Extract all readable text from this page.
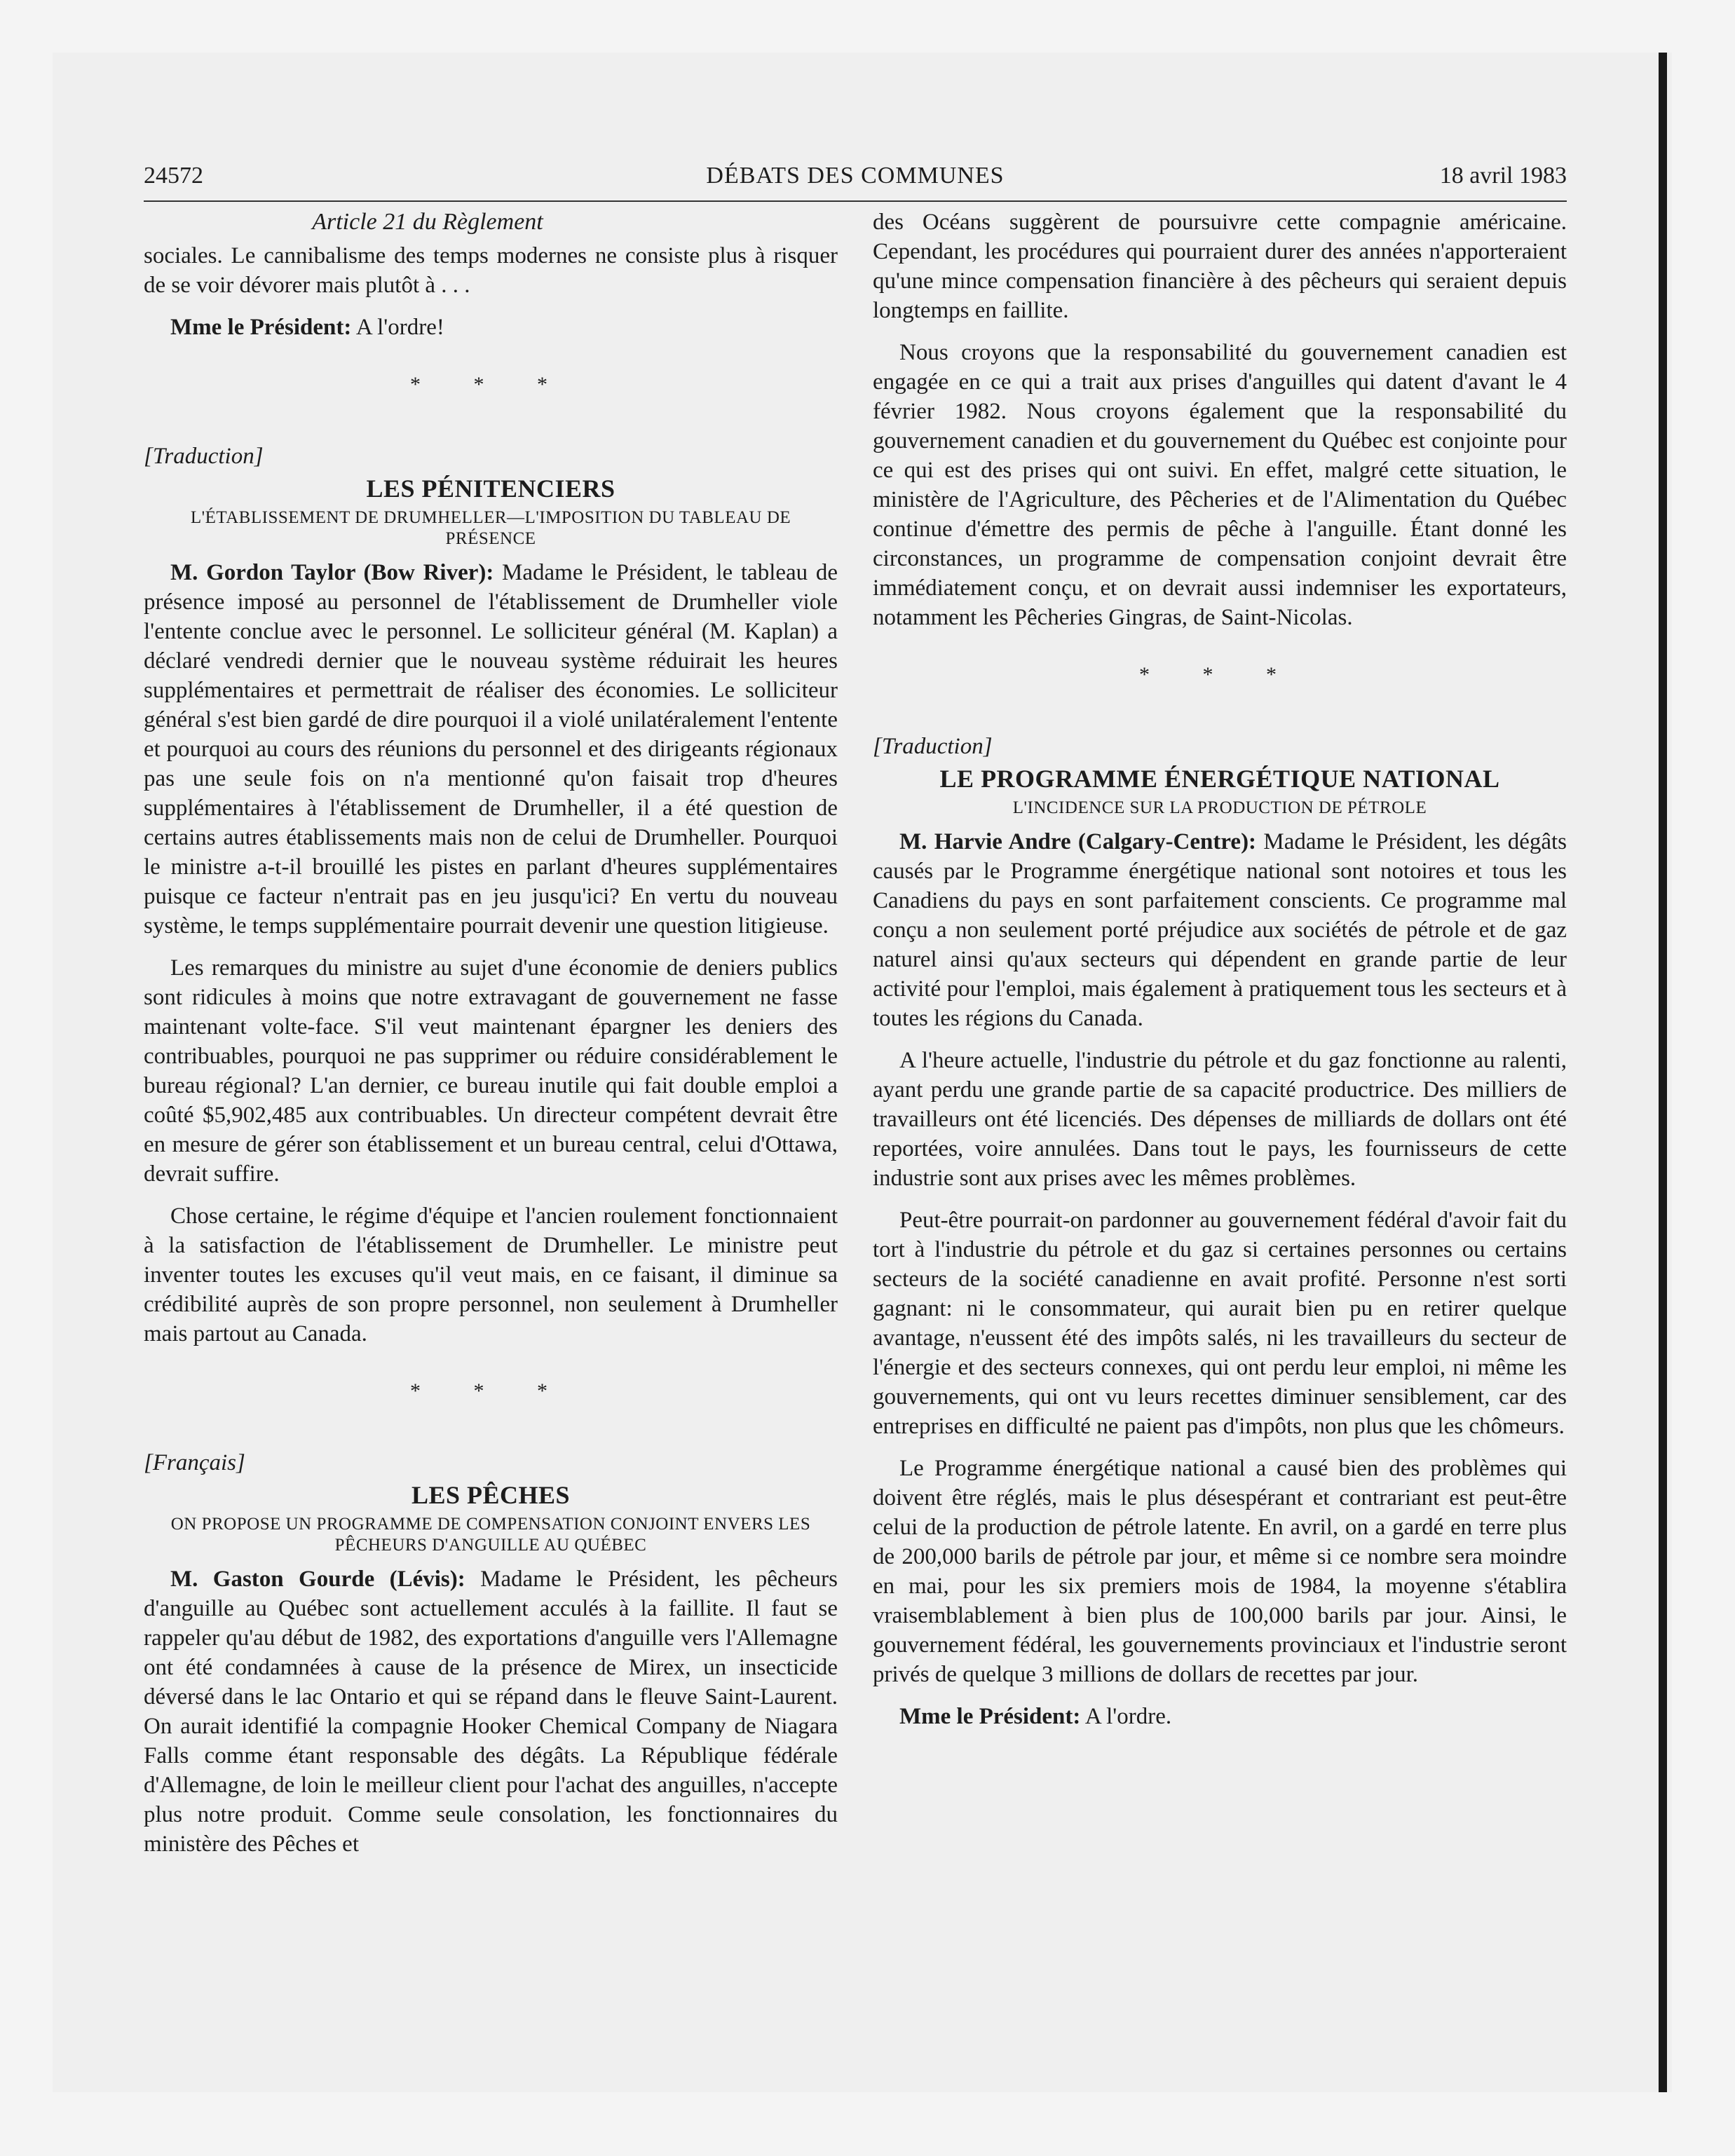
24572	DÉBATS DES COMMUNES	18 avril 1983
Article 21 du Règlement

sociales. Le cannibalisme des temps modernes ne consiste plus à risquer de se voir dévorer mais plutôt à . . .

Mme le Président: A l'ordre!

* * *
[Traduction]
LES PÉNITENCIERS
L'ÉTABLISSEMENT DE DRUMHELLER—L'IMPOSITION DU TABLEAU DE PRÉSENCE

M. Gordon Taylor (Bow River): Madame le Président, le tableau de présence imposé au personnel de l'établissement de Drumheller viole l'entente conclue avec le personnel. Le solliciteur général (M. Kaplan) a déclaré vendredi dernier que le nouveau système réduirait les heures supplémentaires et permettrait de réaliser des économies. Le solliciteur général s'est bien gardé de dire pourquoi il a violé unilatéralement l'entente et pourquoi au cours des réunions du personnel et des dirigeants régionaux pas une seule fois on n'a mentionné qu'on faisait trop d'heures supplémentaires à l'établissement de Drumheller, il a été question de certains autres établissements mais non de celui de Drumheller. Pourquoi le ministre a-t-il brouillé les pistes en parlant d'heures supplémentaires puisque ce facteur n'entrait pas en jeu jusqu'ici? En vertu du nouveau système, le temps supplémentaire pourrait devenir une question litigieuse.

Les remarques du ministre au sujet d'une économie de deniers publics sont ridicules à moins que notre extravagant de gouvernement ne fasse maintenant volte-face. S'il veut maintenant épargner les deniers des contribuables, pourquoi ne pas supprimer ou réduire considérablement le bureau régional? L'an dernier, ce bureau inutile qui fait double emploi a coûté $5,902,485 aux contribuables. Un directeur compétent devrait être en mesure de gérer son établissement et un bureau central, celui d'Ottawa, devrait suffire.

Chose certaine, le régime d'équipe et l'ancien roulement fonctionnaient à la satisfaction de l'établissement de Drumheller. Le ministre peut inventer toutes les excuses qu'il veut mais, en ce faisant, il diminue sa crédibilité auprès de son propre personnel, non seulement à Drumheller mais partout au Canada.

* * *
[Français]
LES PÊCHES
ON PROPOSE UN PROGRAMME DE COMPENSATION CONJOINT ENVERS LES PÊCHEURS D'ANGUILLE AU QUÉBEC

M. Gaston Gourde (Lévis): Madame le Président, les pêcheurs d'anguille au Québec sont actuellement acculés à la faillite. Il faut se rappeler qu'au début de 1982, des exportations d'anguille vers l'Allemagne ont été condamnées à cause de la présence de Mirex, un insecticide déversé dans le lac Ontario et qui se répand dans le fleuve Saint-Laurent. On aurait identifié la compagnie Hooker Chemical Company de Niagara Falls comme étant responsable des dégâts. La République fédérale d'Allemagne, de loin le meilleur client pour l'achat des anguilles, n'accepte plus notre produit. Comme seule consolation, les fonctionnaires du ministère des Pêches et

des Océans suggèrent de poursuivre cette compagnie américaine. Cependant, les procédures qui pourraient durer des années n'apporteraient qu'une mince compensation financière à des pêcheurs qui seraient depuis longtemps en faillite.

Nous croyons que la responsabilité du gouvernement canadien est engagée en ce qui a trait aux prises d'anguilles qui datent d'avant le 4 février 1982. Nous croyons également que la responsabilité du gouvernement canadien et du gouvernement du Québec est conjointe pour ce qui est des prises qui ont suivi. En effet, malgré cette situation, le ministère de l'Agriculture, des Pêcheries et de l'Alimentation du Québec continue d'émettre des permis de pêche à l'anguille. Étant donné les circonstances, un programme de compensation conjoint devrait être immédiatement conçu, et on devrait aussi indemniser les exportateurs, notamment les Pêcheries Gingras, de Saint-Nicolas.

* * *
[Traduction]
LE PROGRAMME ÉNERGÉTIQUE NATIONAL
L'INCIDENCE SUR LA PRODUCTION DE PÉTROLE

M. Harvie Andre (Calgary-Centre): Madame le Président, les dégâts causés par le Programme énergétique national sont notoires et tous les Canadiens du pays en sont parfaitement conscients. Ce programme mal conçu a non seulement porté préjudice aux sociétés de pétrole et de gaz naturel ainsi qu'aux secteurs qui dépendent en grande partie de leur activité pour l'emploi, mais également à pratiquement tous les secteurs et à toutes les régions du Canada.

A l'heure actuelle, l'industrie du pétrole et du gaz fonctionne au ralenti, ayant perdu une grande partie de sa capacité productrice. Des milliers de travailleurs ont été licenciés. Des dépenses de milliards de dollars ont été reportées, voire annulées. Dans tout le pays, les fournisseurs de cette industrie sont aux prises avec les mêmes problèmes.

Peut-être pourrait-on pardonner au gouvernement fédéral d'avoir fait du tort à l'industrie du pétrole et du gaz si certaines personnes ou certains secteurs de la société canadienne en avait profité. Personne n'est sorti gagnant: ni le consommateur, qui aurait bien pu en retirer quelque avantage, n'eussent été des impôts salés, ni les travailleurs du secteur de l'énergie et des secteurs connexes, qui ont perdu leur emploi, ni même les gouvernements, qui ont vu leurs recettes diminuer sensiblement, car des entreprises en difficulté ne paient pas d'impôts, non plus que les chômeurs.

Le Programme énergétique national a causé bien des problèmes qui doivent être réglés, mais le plus désespérant et contrariant est peut-être celui de la production de pétrole latente. En avril, on a gardé en terre plus de 200,000 barils de pétrole par jour, et même si ce nombre sera moindre en mai, pour les six premiers mois de 1984, la moyenne s'établira vraisemblablement à bien plus de 100,000 barils par jour. Ainsi, le gouvernement fédéral, les gouvernements provinciaux et l'industrie seront privés de quelque 3 millions de dollars de recettes par jour.

Mme le Président: A l'ordre.
